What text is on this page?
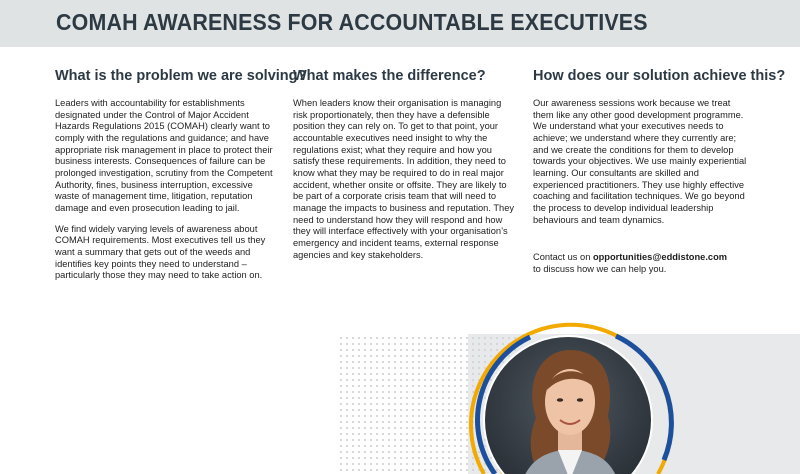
COMAH AWARENESS FOR ACCOUNTABLE EXECUTIVES
What is the problem we are solving?

Leaders with accountability for establishments designated under the Control of Major Accident Hazards Regulations 2015 (COMAH) clearly want to comply with the regulations and guidance; and have appropriate risk management in place to protect their business interests. Consequences of failure can be prolonged investigation, scrutiny from the Competent Authority, fines, business interruption, excessive waste of management time, litigation, reputation damage and even prosecution leading to jail.

We find widely varying levels of awareness about COMAH requirements. Most executives tell us they want a summary that gets out of the weeds and identifies key points they need to understand – particularly those they may need to take action on.

What makes the difference?

When leaders know their organisation is managing risk proportionately, then they have a defensible position they can rely on. To get to that point, your accountable executives need insight to why the regulations exist; what they require and how you satisfy these requirements. In addition, they need to know what they may be required to do in real major accident, whether onsite or offsite. They are likely to be part of a corporate crisis team that will need to manage the impacts to business and reputation. They need to understand how they will respond and how they will interface effectively with your organisation’s emergency and incident teams, external response agencies and key stakeholders.

How does our solution achieve this?

Our awareness sessions work because we treat them like any other good development programme. We understand what your executives needs to achieve; we understand where they currently are; and we create the conditions for them to develop towards your objectives. We use mainly experiential learning. Our consultants are skilled and experienced practitioners. They use highly effective coaching and facilitation techniques. We go beyond the process to develop individual leadership behaviours and team dynamics.

Contact us on opportunities@eddistone.com
to discuss how we can help you.
